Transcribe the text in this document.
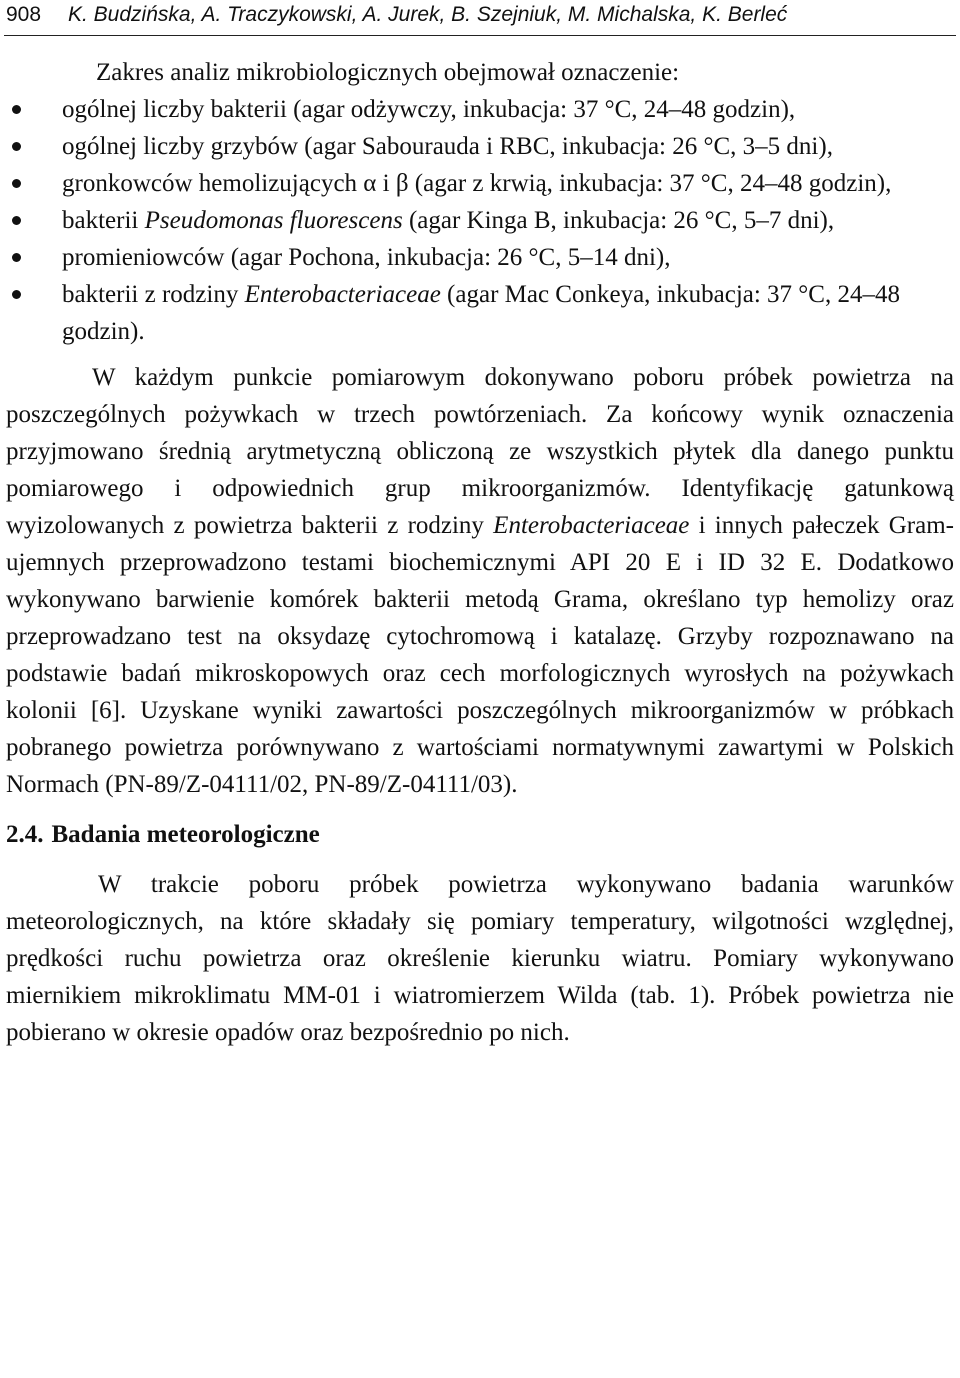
908 K. Budzińska, A. Traczykowski, A. Jurek, B. Szejniuk, M. Michalska, K. Berleć

Zakres analiz mikrobiologicznych obejmował oznaczenie:

ogólnej liczby bakterii (agar odżywczy, inkubacja: 37 °C, 24–48 godzin),
ogólnej liczby grzybów (agar Sabourauda i RBC, inkubacja: 26 °C, 3–5 dni),
gronkowców hemolizujących α i β (agar z krwią, inkubacja: 37 °C, 24–48 godzin),
bakterii Pseudomonas fluorescens (agar Kinga B, inkubacja: 26 °C, 5–7 dni),
promieniowców (agar Pochona, inkubacja: 26 °C, 5–14 dni),
bakterii z rodziny Enterobacteriaceae (agar Mac Conkeya, inkubacja: 37 °C, 24–48 godzin).

W każdym punkcie pomiarowym dokonywano poboru próbek powietrza na poszczególnych pożywkach w trzech powtórzeniach. Za końcowy wynik oznaczenia przyjmowano średnią arytmetyczną obliczoną ze wszystkich płytek dla danego punktu pomiarowego i odpowiednich grup mikroorganizmów. Identyfikację gatunkową wyizolowanych z powietrza bakterii z rodziny Enterobacteriaceae i innych pałeczek Gram-ujemnych przeprowadzono testami biochemicznymi API 20 E i ID 32 E. Dodatkowo wykonywano barwienie komórek bakterii metodą Grama, określano typ hemolizy oraz przeprowadzano test na oksydazę cytochromową i katalazę. Grzyby rozpoznawano na podstawie badań mikroskopowych oraz cech morfologicznych wyrosłych na pożywkach kolonii [6]. Uzyskane wyniki zawartości poszczególnych mikroorganizmów w próbkach pobranego powietrza porównywano z wartościami normatywnymi zawartymi w Polskich Normach (PN-89/Z-04111/02, PN-89/Z-04111/03).

2.4. Badania meteorologiczne

W trakcie poboru próbek powietrza wykonywano badania warunków meteorologicznych, na które składały się pomiary temperatury, wilgotności względnej, prędkości ruchu powietrza oraz określenie kierunku wiatru. Pomiary wykonywano miernikiem mikroklimatu MM-01 i wiatromierzem Wilda (tab. 1). Próbek powietrza nie pobierano w okresie opadów oraz bezpośrednio po nich.
